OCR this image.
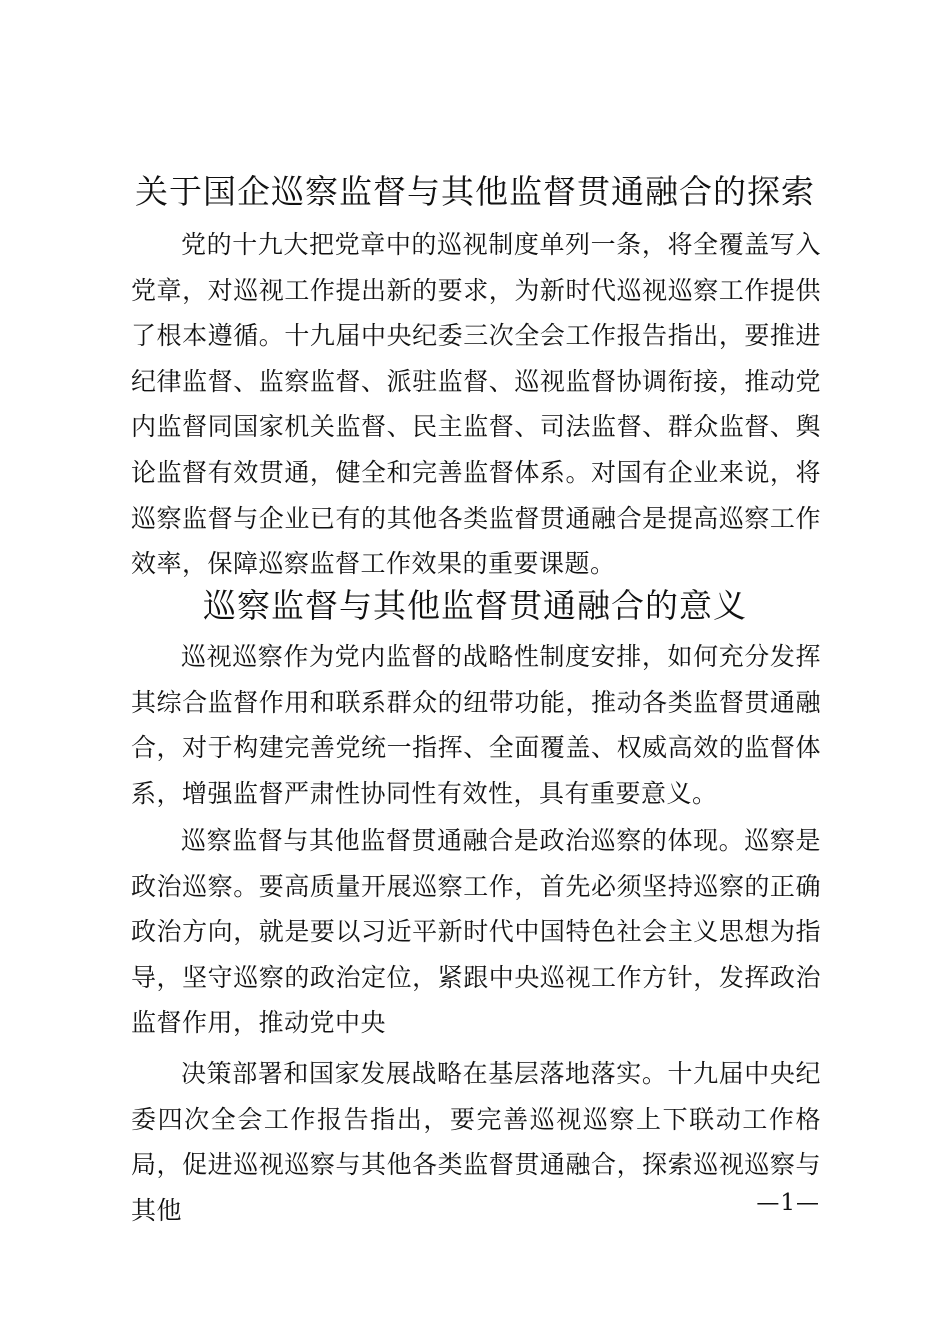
关于国企巡察监督与其他监督贯通融合的探索

党的十九大把党章中的巡视制度单列一条，将全覆盖写入党章，对巡视工作提出新的要求，为新时代巡视巡察工作提供了根本遵循。十九届中央纪委三次全会工作报告指出，要推进纪律监督、监察监督、派驻监督、巡视监督协调衔接，推动党内监督同国家机关监督、民主监督、司法监督、群众监督、舆论监督有效贯通，健全和完善监督体系。对国有企业来说，将巡察监督与企业已有的其他各类监督贯通融合是提高巡察工作效率，保障巡察监督工作效果的重要课题。

巡察监督与其他监督贯通融合的意义

巡视巡察作为党内监督的战略性制度安排，如何充分发挥其综合监督作用和联系群众的纽带功能，推动各类监督贯通融合，对于构建完善党统一指挥、全面覆盖、权威高效的监督体系，增强监督严肃性协同性有效性，具有重要意义。

巡察监督与其他监督贯通融合是政治巡察的体现。巡察是政治巡察。要高质量开展巡察工作，首先必须坚持巡察的正确政治方向，就是要以习近平新时代中国特色社会主义思想为指导，坚守巡察的政治定位，紧跟中央巡视工作方针，发挥政治监督作用，推动党中央

决策部署和国家发展战略在基层落地落实。十九届中央纪委四次全会工作报告指出，要完善巡视巡察上下联动工作格局，促进巡视巡察与其他各类监督贯通融合，探索巡视巡察与其他	—1—
